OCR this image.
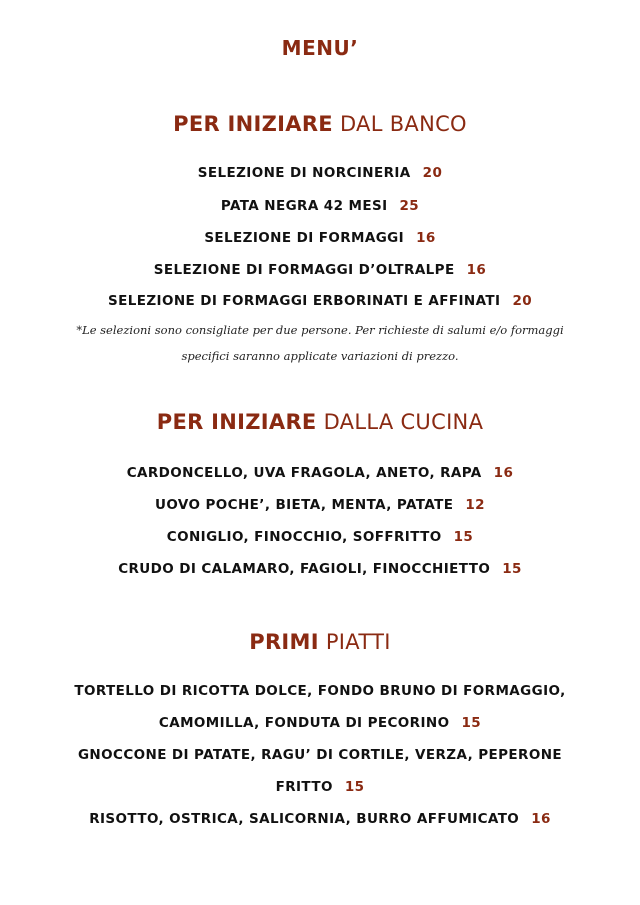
MENU’
PER INIZIARE DAL BANCO
SELEZIONE DI NORCINERIA 20
PATA NEGRA 42 MESI 25
SELEZIONE DI FORMAGGI 16
SELEZIONE DI FORMAGGI D’OLTRALPE 16
SELEZIONE DI FORMAGGI ERBORINATI E AFFINATI 20
*Le selezioni sono consigliate per due persone. Per richieste di salumi e/o formaggi
specifici saranno applicate variazioni di prezzo.
PER INIZIARE DALLA CUCINA
CARDONCELLO, UVA FRAGOLA, ANETO, RAPA 16
UOVO POCHE’, BIETA, MENTA, PATATE 12
CONIGLIO, FINOCCHIO, SOFFRITTO 15
CRUDO DI CALAMARO, FAGIOLI, FINOCCHIETTO 15
PRIMI PIATTI
TORTELLO DI RICOTTA DOLCE, FONDO BRUNO DI FORMAGGIO,
CAMOMILLA, FONDUTA DI PECORINO 15
GNOCCONE DI PATATE, RAGU’ DI CORTILE, VERZA, PEPERONE
FRITTO 15
RISOTTO, OSTRICA, SALICORNIA, BURRO AFFUMICATO 16
